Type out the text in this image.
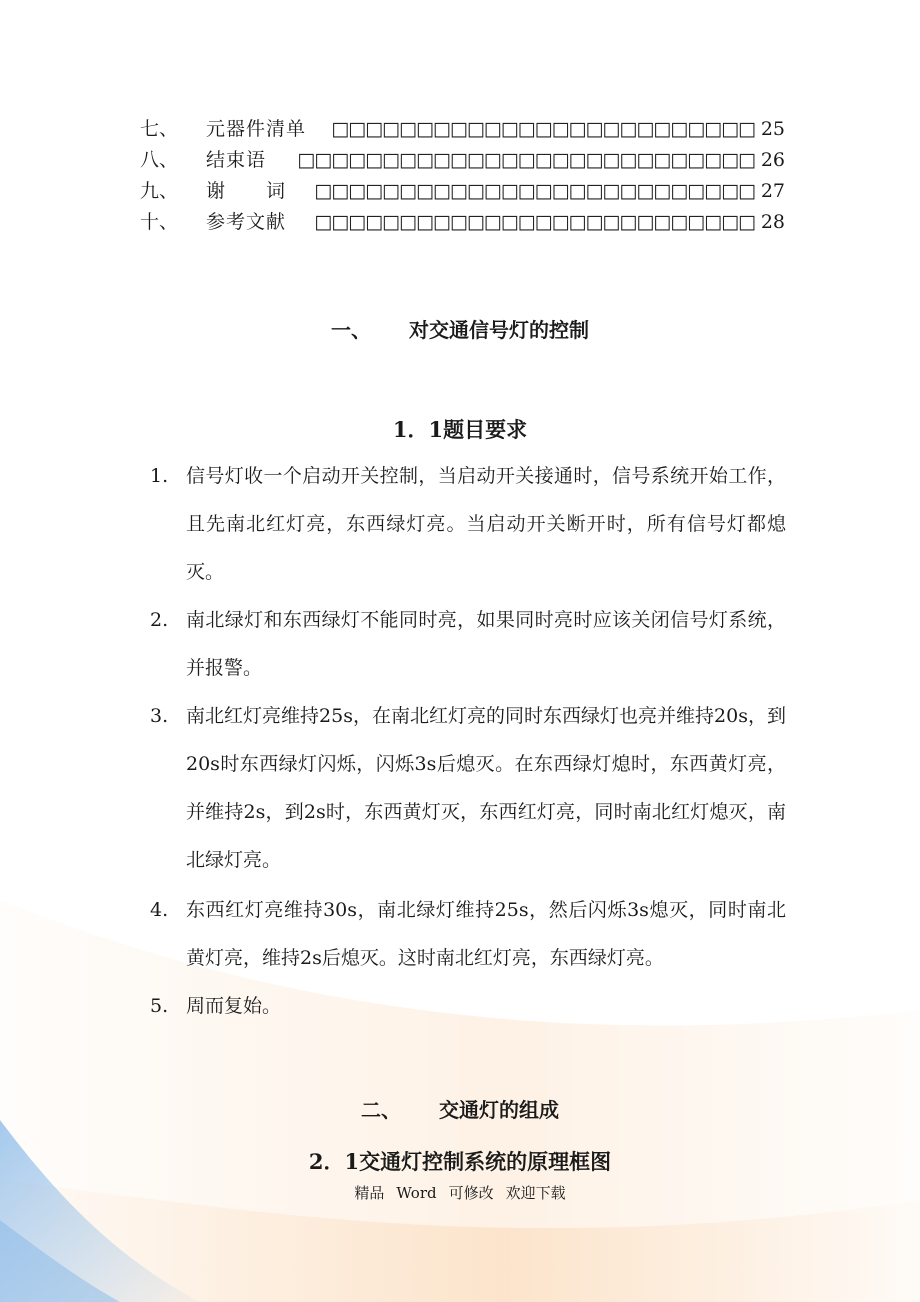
七、 元器件清单 □□□□□□□□□□□□□□□□□□□□□□□□□ 25
八、 结束语 □□□□□□□□□□□□□□□□□□□□□□□□□□□ 26
九、 谢　　词 □□□□□□□□□□□□□□□□□□□□□□□□□□ 27
十、 参考文献 □□□□□□□□□□□□□□□□□□□□□□□□□□ 28
一、 对交通信号灯的控制
1．1题目要求
1. 信号灯收一个启动开关控制，当启动开关接通时，信号系统开始工作，且先南北红灯亮，东西绿灯亮。当启动开关断开时，所有信号灯都熄灭。
2. 南北绿灯和东西绿灯不能同时亮，如果同时亮时应该关闭信号灯系统，并报警。
3. 南北红灯亮维持25s，在南北红灯亮的同时东西绿灯也亮并维持20s，到20s时东西绿灯闪烁，闪烁3s后熄灭。在东西绿灯熄时，东西黄灯亮，并维持2s，到2s时，东西黄灯灭，东西红灯亮，同时南北红灯熄灭，南北绿灯亮。
4. 东西红灯亮维持30s，南北绿灯维持25s，然后闪烁3s熄灭，同时南北黄灯亮，维持2s后熄灭。这时南北红灯亮，东西绿灯亮。
5. 周而复始。
二、 交通灯的组成
2．1交通灯控制系统的原理框图
精品 Word 可修改 欢迎下载
